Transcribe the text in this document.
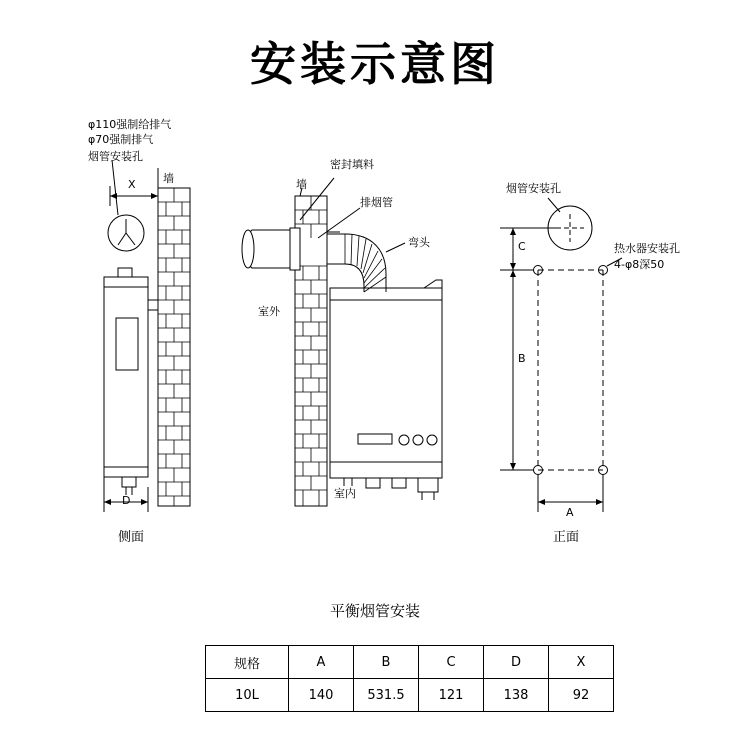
安装示意图
φ110强制给排气
φ70强制排气
烟管安装孔
墙
X
D
侧面
密封填料
排烟管
弯头
墙
室外
室内
烟管安装孔
热水器安装孔
4-φ8深50
C
B
A
正面
平衡烟管安装
规格	A	B	C	D	X
10L	140	531.5	121	138	92
